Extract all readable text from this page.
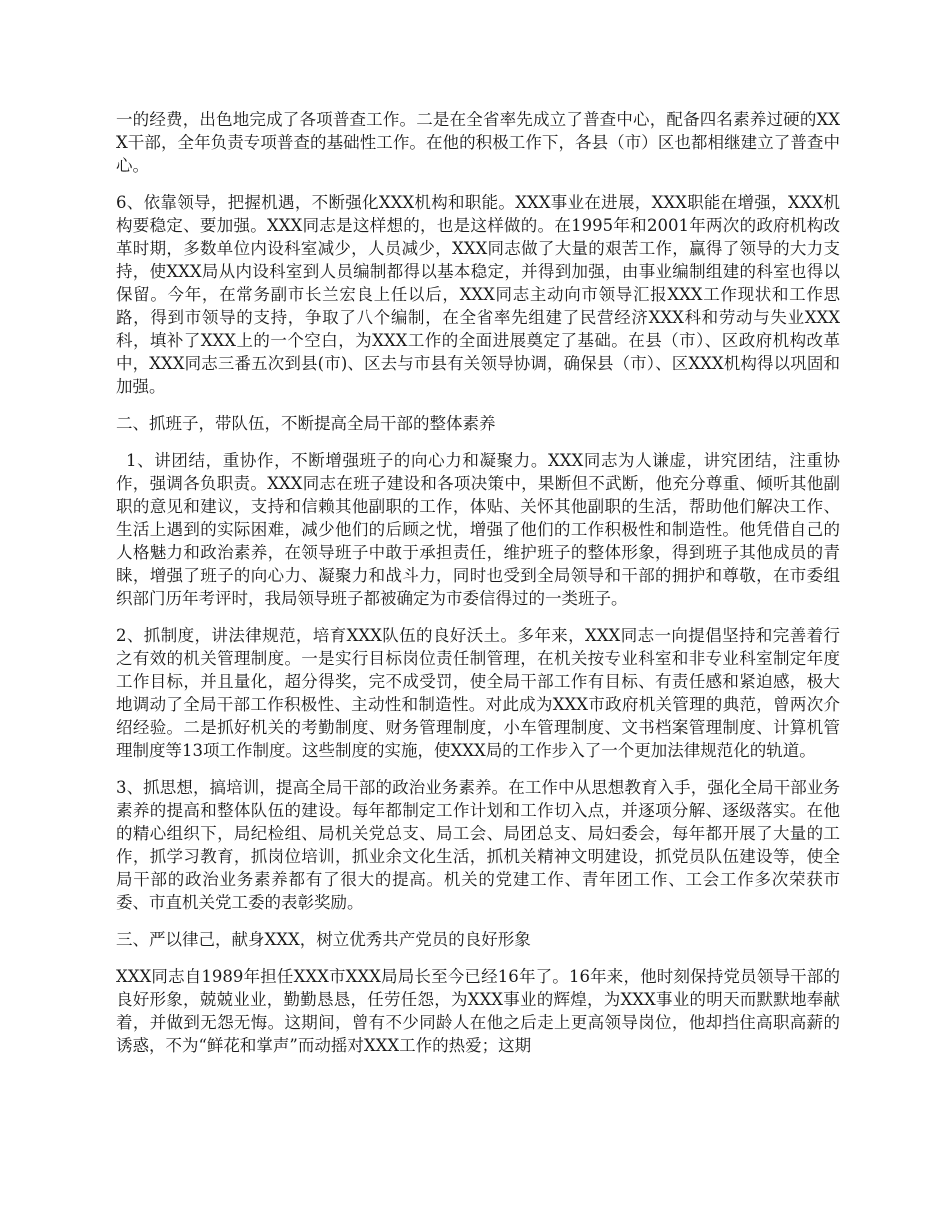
一的经费，出色地完成了各项普查工作。二是在全省率先成立了普查中心，配备四名素养过硬的XXX干部，全年负责专项普查的基础性工作。在他的积极工作下，各县（市）区也都相继建立了普查中心。

6、依靠领导，把握机遇，不断强化XXX机构和职能。XXX事业在进展，XXX职能在增强，XXX机构要稳定、要加强。XXX同志是这样想的，也是这样做的。在1995年和2001年两次的政府机构改革时期，多数单位内设科室减少，人员减少，XXX同志做了大量的艰苦工作，赢得了领导的大力支持，使XXX局从内设科室到人员编制都得以基本稳定，并得到加强，由事业编制组建的科室也得以保留。今年，在常务副市长兰宏良上任以后，XXX同志主动向市领导汇报XXX工作现状和工作思路，得到市领导的支持，争取了八个编制，在全省率先组建了民营经济XXX科和劳动与失业XXX科，填补了XXX上的一个空白，为XXX工作的全面进展奠定了基础。在县（市）、区政府机构改革中，XXX同志三番五次到县(市)、区去与市县有关领导协调，确保县（市）、区XXX机构得以巩固和加强。

二、抓班子，带队伍，不断提高全局干部的整体素养

1、讲团结，重协作，不断增强班子的向心力和凝聚力。XXX同志为人谦虚，讲究团结，注重协作，强调各负职责。XXX同志在班子建设和各项决策中，果断但不武断，他充分尊重、倾听其他副职的意见和建议，支持和信赖其他副职的工作，体贴、关怀其他副职的生活，帮助他们解决工作、生活上遇到的实际困难，减少他们的后顾之忧，增强了他们的工作积极性和制造性。他凭借自己的人格魅力和政治素养，在领导班子中敢于承担责任，维护班子的整体形象，得到班子其他成员的青睐，增强了班子的向心力、凝聚力和战斗力，同时也受到全局领导和干部的拥护和尊敬，在市委组织部门历年考评时，我局领导班子都被确定为市委信得过的一类班子。

2、抓制度，讲法律规范，培育XXX队伍的良好沃土。多年来，XXX同志一向提倡坚持和完善着行之有效的机关管理制度。一是实行目标岗位责任制管理，在机关按专业科室和非专业科室制定年度工作目标，并且量化，超分得奖，完不成受罚，使全局干部工作有目标、有责任感和紧迫感，极大地调动了全局干部工作积极性、主动性和制造性。对此成为XXX市政府机关管理的典范，曾两次介绍经验。二是抓好机关的考勤制度、财务管理制度，小车管理制度、文书档案管理制度、计算机管理制度等13项工作制度。这些制度的实施，使XXX局的工作步入了一个更加法律规范化的轨道。

3、抓思想，搞培训，提高全局干部的政治业务素养。在工作中从思想教育入手，强化全局干部业务素养的提高和整体队伍的建设。每年都制定工作计划和工作切入点，并逐项分解、逐级落实。在他的精心组织下，局纪检组、局机关党总支、局工会、局团总支、局妇委会，每年都开展了大量的工作，抓学习教育，抓岗位培训，抓业余文化生活，抓机关精神文明建设，抓党员队伍建设等，使全局干部的政治业务素养都有了很大的提高。机关的党建工作、青年团工作、工会工作多次荣获市委、市直机关党工委的表彰奖励。

三、严以律己，献身XXX，树立优秀共产党员的良好形象

XXX同志自1989年担任XXX市XXX局局长至今已经16年了。16年来，他时刻保持党员领导干部的良好形象，兢兢业业，勤勤恳恳，任劳任怨，为XXX事业的辉煌，为XXX事业的明天而默默地奉献着，并做到无怨无悔。这期间，曾有不少同龄人在他之后走上更高领导岗位，他却挡住高职高薪的诱惑，不为“鲜花和掌声”而动摇对XXX工作的热爱；这期
